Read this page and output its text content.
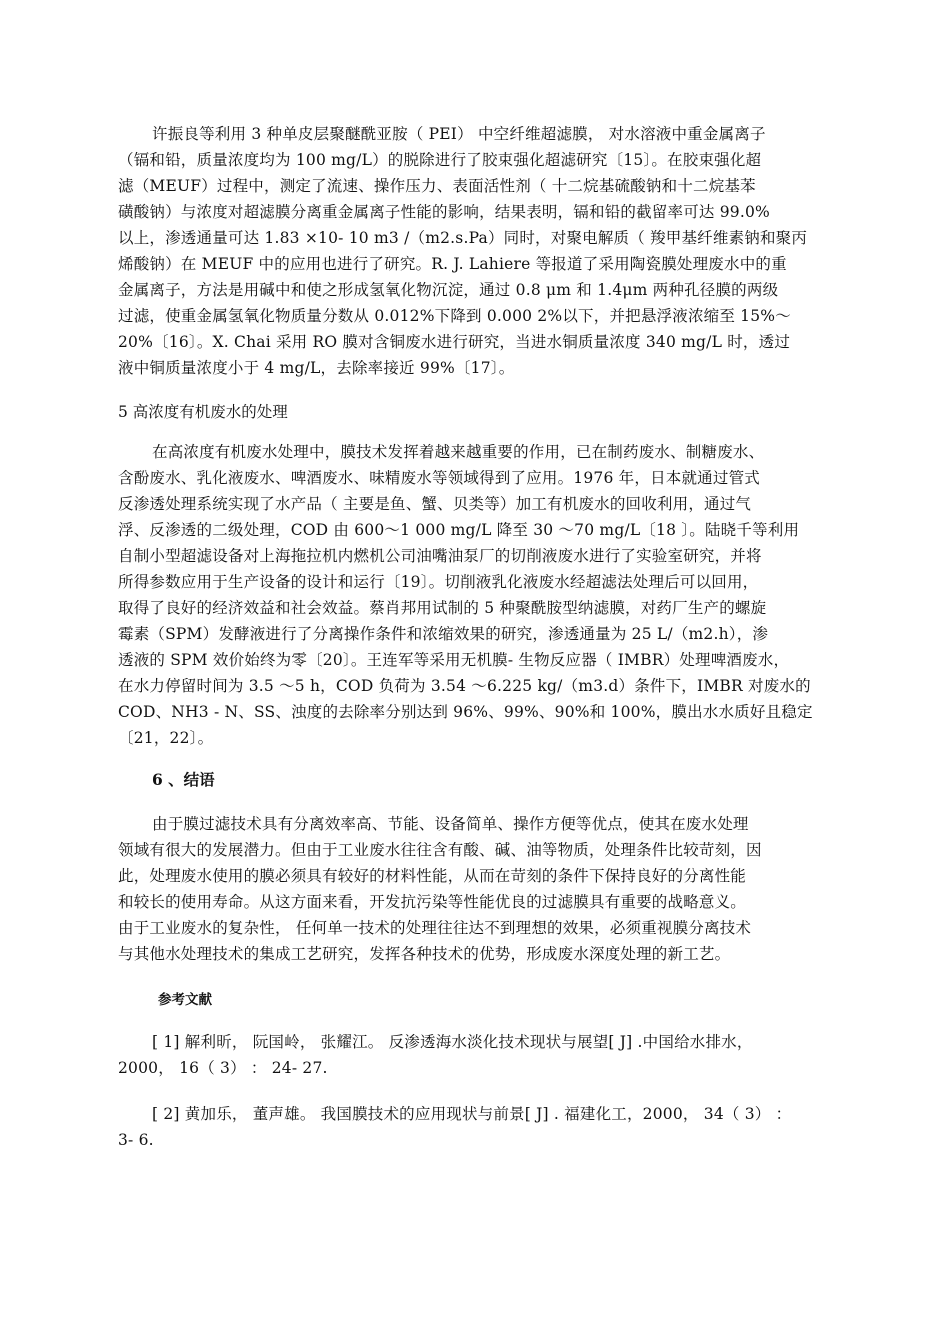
许振良等利用 3 种单皮层聚醚酰亚胺（ PEI） 中空纤维超滤膜， 对水溶液中重金属离子
（镉和铅，质量浓度均为 100 mg/L）的脱除进行了胶束强化超滤研究〔15〕。在胶束强化超
滤（MEUF）过程中，测定了流速、操作压力、表面活性剂（ 十二烷基硫酸钠和十二烷基苯
磺酸钠）与浓度对超滤膜分离重金属离子性能的影响，结果表明，镉和铅的截留率可达 99.0%
以上，渗透通量可达 1.83 ×10- 10 m3 /（m2.s.Pa）同时，对聚电解质（ 羧甲基纤维素钠和聚丙
烯酸钠）在 MEUF 中的应用也进行了研究。R. J. Lahiere 等报道了采用陶瓷膜处理废水中的重
金属离子，方法是用碱中和使之形成氢氧化物沉淀，通过 0.8 μm 和 1.4μm 两种孔径膜的两级
过滤，使重金属氢氧化物质量分数从 0.012%下降到 0.000 2%以下，并把悬浮液浓缩至 15%～
20%〔16〕。X. Chai 采用 RO 膜对含铜废水进行研究，当进水铜质量浓度 340 mg/L 时，透过
液中铜质量浓度小于 4 mg/L，去除率接近 99%〔17〕。
5 高浓度有机废水的处理
在高浓度有机废水处理中，膜技术发挥着越来越重要的作用，已在制药废水、制糖废水、
含酚废水、乳化液废水、啤酒废水、味精废水等领域得到了应用。1976 年，日本就通过管式
反渗透处理系统实现了水产品（ 主要是鱼、蟹、贝类等）加工有机废水的回收利用，通过气
浮、反渗透的二级处理，COD 由 600～1 000 mg/L 降至 30 ～70 mg/L〔18 〕。陆晓千等利用
自制小型超滤设备对上海拖拉机内燃机公司油嘴油泵厂的切削液废水进行了实验室研究，并将
所得参数应用于生产设备的设计和运行〔19〕。切削液乳化液废水经超滤法处理后可以回用，
取得了良好的经济效益和社会效益。蔡肖邦用试制的 5 种聚酰胺型纳滤膜，对药厂生产的螺旋
霉素（SPM）发酵液进行了分离操作条件和浓缩效果的研究，渗透通量为 25 L/（m2.h），渗
透液的 SPM 效价始终为零〔20〕。王连军等采用无机膜- 生物反应器（ IMBR）处理啤酒废水，
在水力停留时间为 3.5 ～5 h，COD 负荷为 3.54 ～6.225 kg/（m3.d）条件下，IMBR 对废水的
COD、NH3 - N、SS、浊度的去除率分别达到 96%、99%、90%和 100%，膜出水水质好且稳定
〔21，22〕。
6 、结语
由于膜过滤技术具有分离效率高、节能、设备简单、操作方便等优点，使其在废水处理
领域有很大的发展潜力。但由于工业废水往往含有酸、碱、油等物质，处理条件比较苛刻，因
此，处理废水使用的膜必须具有较好的材料性能，从而在苛刻的条件下保持良好的分离性能
和较长的使用寿命。从这方面来看，开发抗污染等性能优良的过滤膜具有重要的战略意义。
由于工业废水的复杂性， 任何单一技术的处理往往达不到理想的效果，必须重视膜分离技术
与其他水处理技术的集成工艺研究，发挥各种技术的优势，形成废水深度处理的新工艺。
参考文献
[ 1] 解利昕， 阮国岭， 张耀江。 反渗透海水淡化技术现状与展望[ J] .中国给水排水，
2000， 16（ 3） ： 24- 27.
[ 2] 黄加乐， 董声雄。 我国膜技术的应用现状与前景[ J] . 福建化工，2000， 34（ 3） ：
3- 6.
